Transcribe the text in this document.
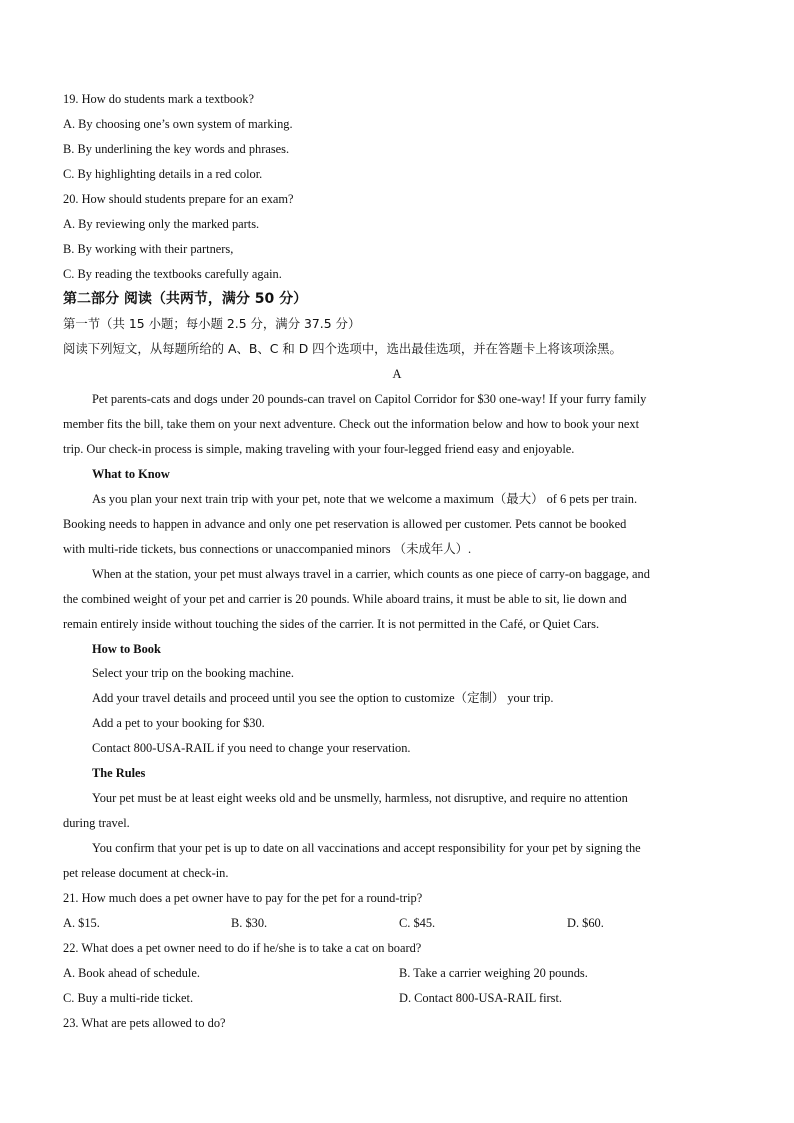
19. How do students mark a textbook?
A. By choosing one’s own system of marking.
B. By underlining the key words and phrases.
C. By highlighting details in a red color.
20. How should students prepare for an exam?
A. By reviewing only the marked parts.
B. By working with their partners,
C. By reading the textbooks carefully again.
第二部分 阅读（共两节，满分 50 分）
第一节（共 15 小题；每小题 2.5 分，满分 37.5 分）
阅读下列短文，从每题所给的 A、B、C 和 D 四个选项中，选出最佳选项，并在答题卡上将该项涂黑。
A
Pet parents-cats and dogs under 20 pounds-can travel on Capitol Corridor for $30 one-way! If your furry family
member fits the bill, take them on your next adventure. Check out the information below and how to book your next
trip. Our check-in process is simple, making traveling with your four-legged friend easy and enjoyable.
What to Know
As you plan your next train trip with your pet, note that we welcome a maximum（最大） of 6 pets per train.
Booking needs to happen in advance and only one pet reservation is allowed per customer. Pets cannot be booked
with multi-ride tickets, bus connections or unaccompanied minors （未成年人）.
When at the station, your pet must always travel in a carrier, which counts as one piece of carry-on baggage, and
the combined weight of your pet and carrier is 20 pounds. While aboard trains, it must be able to sit, lie down and
remain entirely inside without touching the sides of the carrier. It is not permitted in the Café, or Quiet Cars.
How to Book
Select your trip on the booking machine.
Add your travel details and proceed until you see the option to customize（定制） your trip.
Add a pet to your booking for $30.
Contact 800-USA-RAIL if you need to change your reservation.
The Rules
Your pet must be at least eight weeks old and be unsmelly, harmless, not disruptive, and require no attention
during travel.
You confirm that your pet is up to date on all vaccinations and accept responsibility for your pet by signing the
pet release document at check-in.
21. How much does a pet owner have to pay for the pet for a round-trip?
A. $15.	B. $30.	C. $45.	D. $60.
22. What does a pet owner need to do if he/she is to take a cat on board?
A. Book ahead of schedule.	B. Take a carrier weighing 20 pounds.
C. Buy a multi-ride ticket.	D. Contact 800-USA-RAIL first.
23. What are pets allowed to do?
